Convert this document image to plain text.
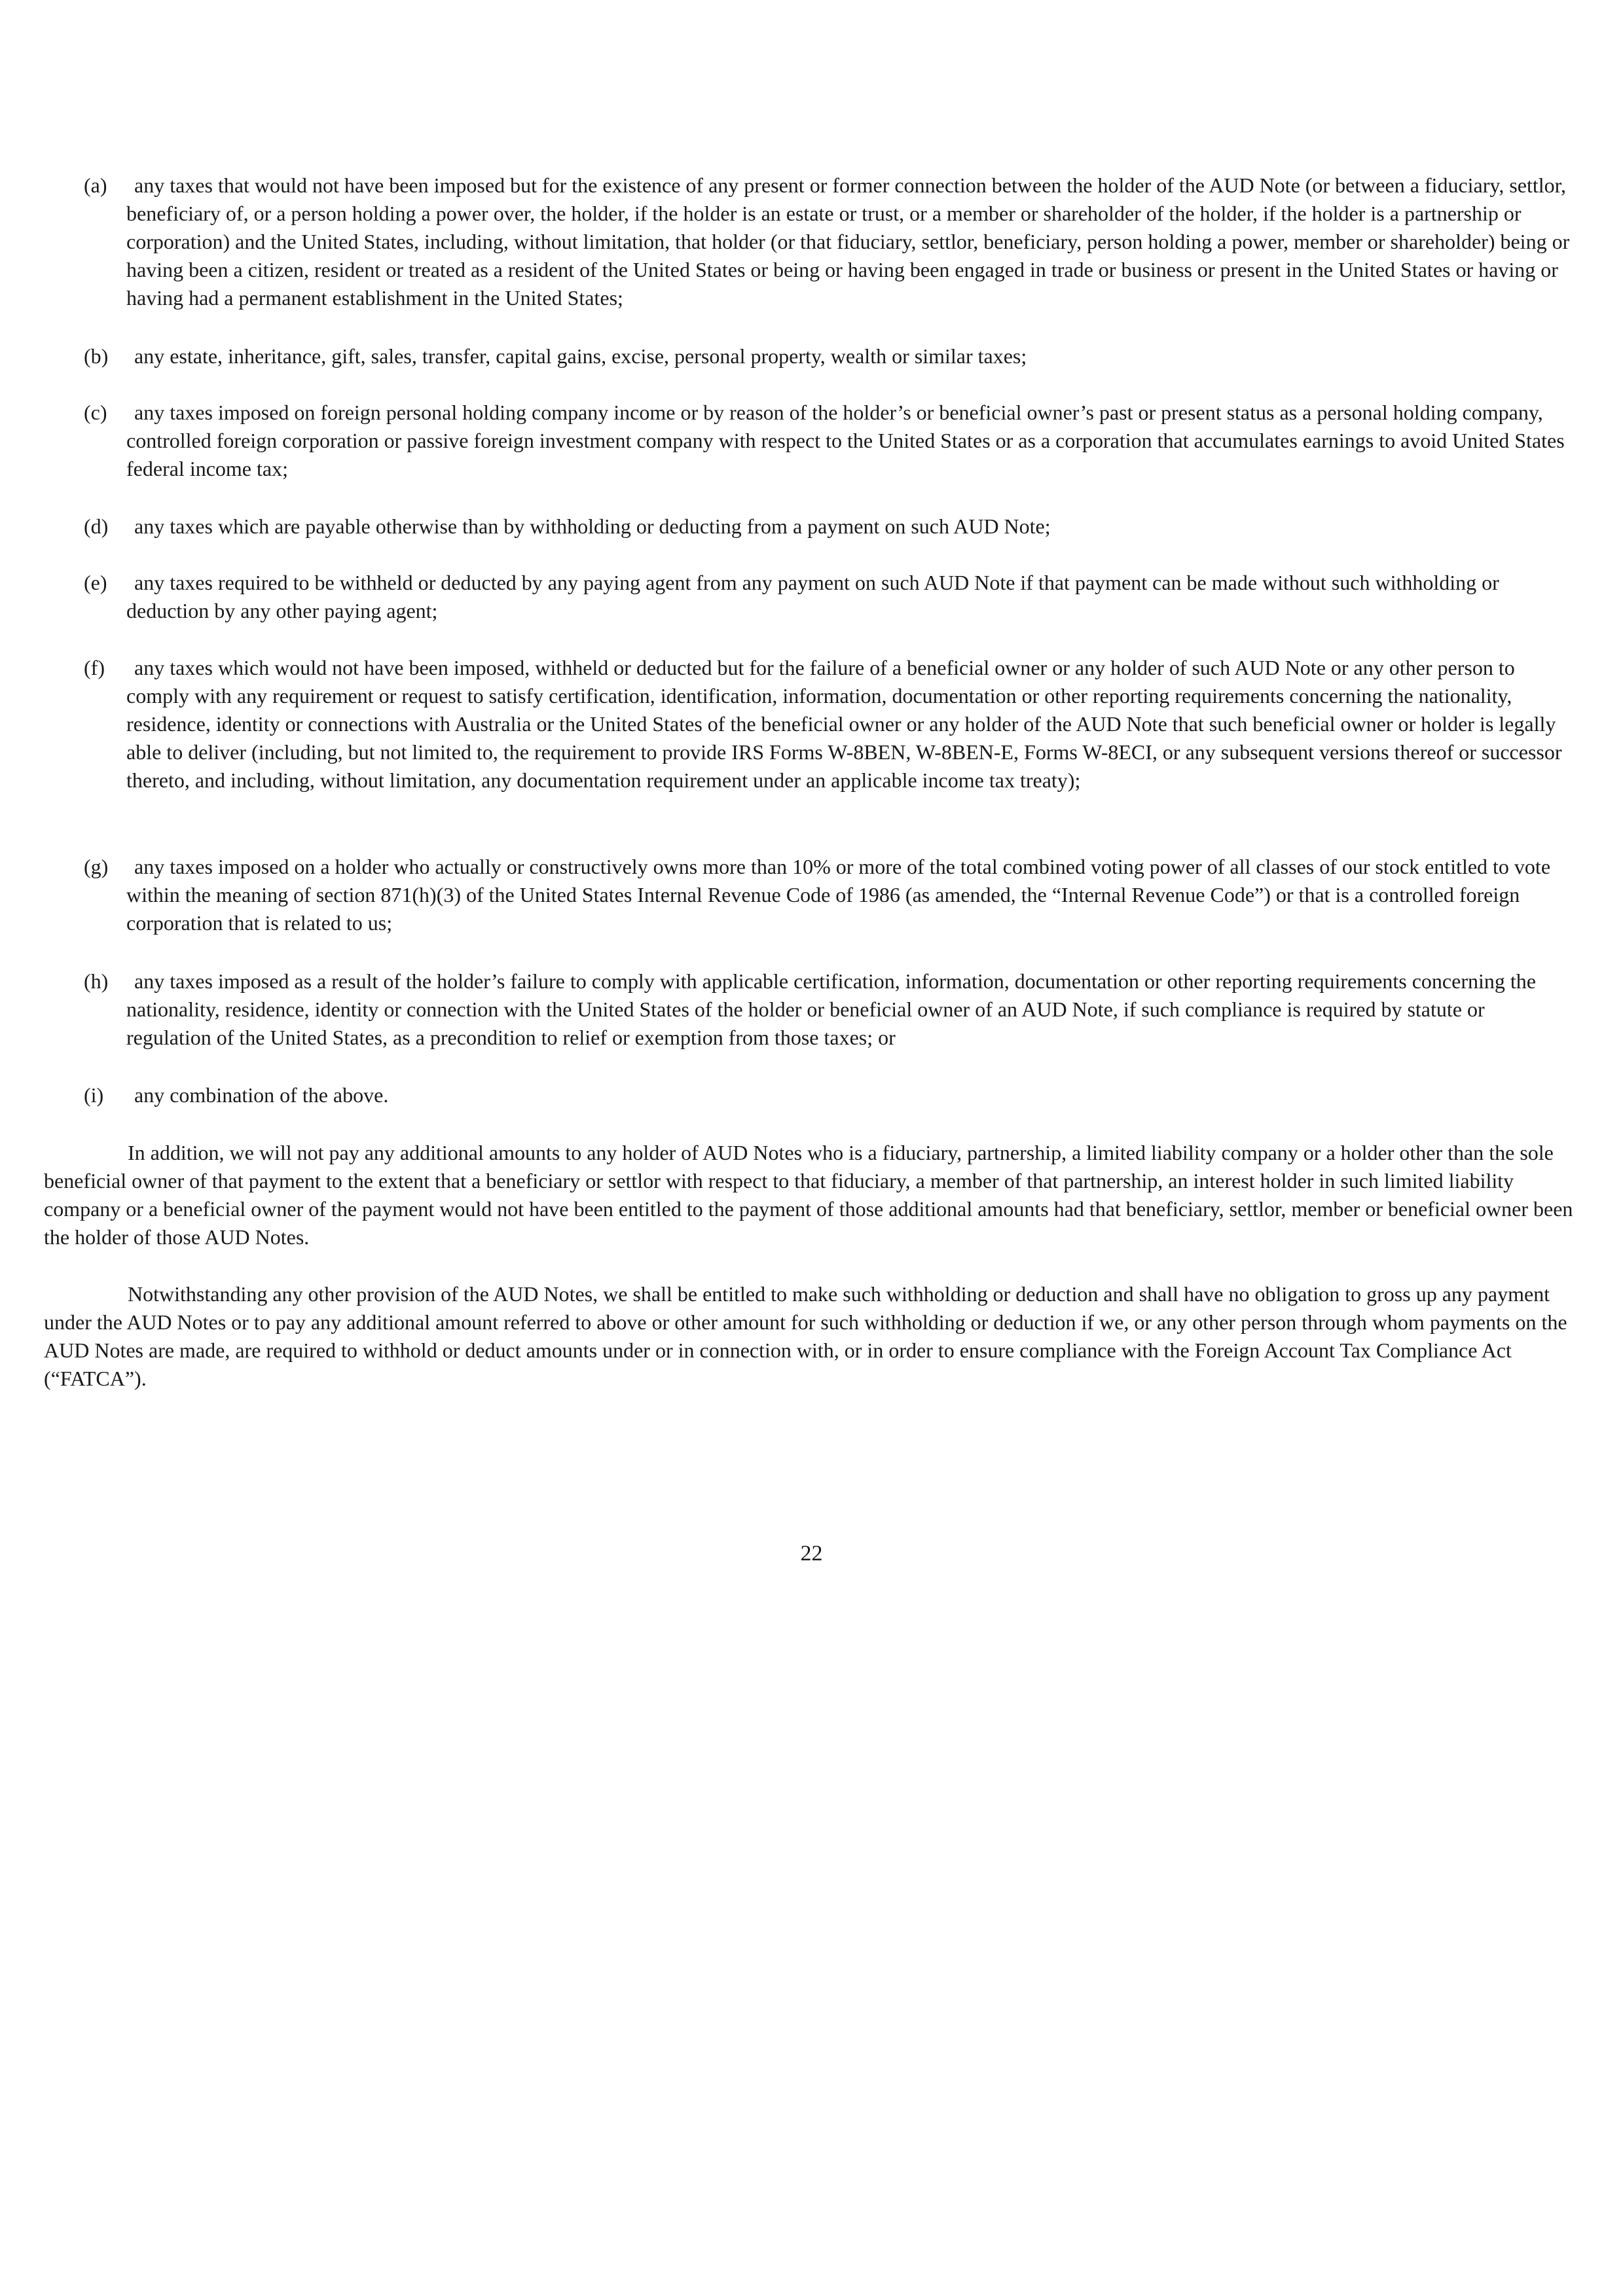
(a)	any taxes that would not have been imposed but for the existence of any present or former connection between the holder of the AUD Note (or between a fiduciary, settlor, beneficiary of, or a person holding a power over, the holder, if the holder is an estate or trust, or a member or shareholder of the holder, if the holder is a partnership or corporation) and the United States, including, without limitation, that holder (or that fiduciary, settlor, beneficiary, person holding a power, member or shareholder) being or having been a citizen, resident or treated as a resident of the United States or being or having been engaged in trade or business or present in the United States or having or having had a permanent establishment in the United States;
(b)	any estate, inheritance, gift, sales, transfer, capital gains, excise, personal property, wealth or similar taxes;
(c)	any taxes imposed on foreign personal holding company income or by reason of the holder’s or beneficial owner’s past or present status as a personal holding company, controlled foreign corporation or passive foreign investment company with respect to the United States or as a corporation that accumulates earnings to avoid United States federal income tax;
(d)	any taxes which are payable otherwise than by withholding or deducting from a payment on such AUD Note;
(e)	any taxes required to be withheld or deducted by any paying agent from any payment on such AUD Note if that payment can be made without such withholding or deduction by any other paying agent;
(f)	any taxes which would not have been imposed, withheld or deducted but for the failure of a beneficial owner or any holder of such AUD Note or any other person to comply with any requirement or request to satisfy certification, identification, information, documentation or other reporting requirements concerning the nationality, residence, identity or connections with Australia or the United States of the beneficial owner or any holder of the AUD Note that such beneficial owner or holder is legally able to deliver (including, but not limited to, the requirement to provide IRS Forms W-8BEN, W-8BEN-E, Forms W-8ECI, or any subsequent versions thereof or successor thereto, and including, without limitation, any documentation requirement under an applicable income tax treaty);
(g)	any taxes imposed on a holder who actually or constructively owns more than 10% or more of the total combined voting power of all classes of our stock entitled to vote within the meaning of section 871(h)(3) of the United States Internal Revenue Code of 1986 (as amended, the “Internal Revenue Code”) or that is a controlled foreign corporation that is related to us;
(h)	any taxes imposed as a result of the holder’s failure to comply with applicable certification, information, documentation or other reporting requirements concerning the nationality, residence, identity or connection with the United States of the holder or beneficial owner of an AUD Note, if such compliance is required by statute or regulation of the United States, as a precondition to relief or exemption from those taxes; or
(i)	any combination of the above.

In addition, we will not pay any additional amounts to any holder of AUD Notes who is a fiduciary, partnership, a limited liability company or a holder other than the sole beneficial owner of that payment to the extent that a beneficiary or settlor with respect to that fiduciary, a member of that partnership, an interest holder in such limited liability company or a beneficial owner of the payment would not have been entitled to the payment of those additional amounts had that beneficiary, settlor, member or beneficial owner been the holder of those AUD Notes.

Notwithstanding any other provision of the AUD Notes, we shall be entitled to make such withholding or deduction and shall have no obligation to gross up any payment under the AUD Notes or to pay any additional amount referred to above or other amount for such withholding or deduction if we, or any other person through whom payments on the AUD Notes are made, are required to withhold or deduct amounts under or in connection with, or in order to ensure compliance with the Foreign Account Tax Compliance Act (“FATCA”).

22
